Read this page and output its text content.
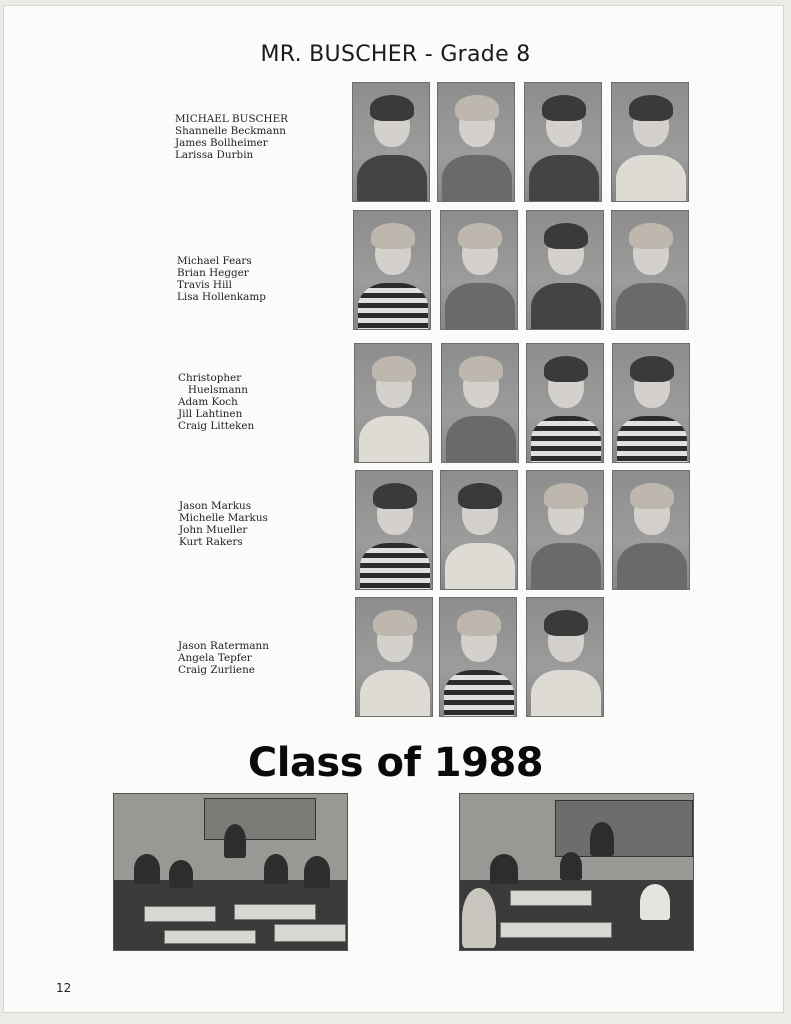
MR. BUSCHER - Grade 8
MICHAEL BUSCHER
Shannelle Beckmann
James Bollheimer
Larissa Durbin
Michael Fears
Brian Hegger
Travis Hill
Lisa Hollenkamp
Christopher
Huelsmann
Adam Koch
Jill Lahtinen
Craig Litteken
Jason Markus
Michelle Markus
John Mueller
Kurt Rakers
Jason Ratermann
Angela Tepfer
Craig Zurliene
Class of 1988
12
